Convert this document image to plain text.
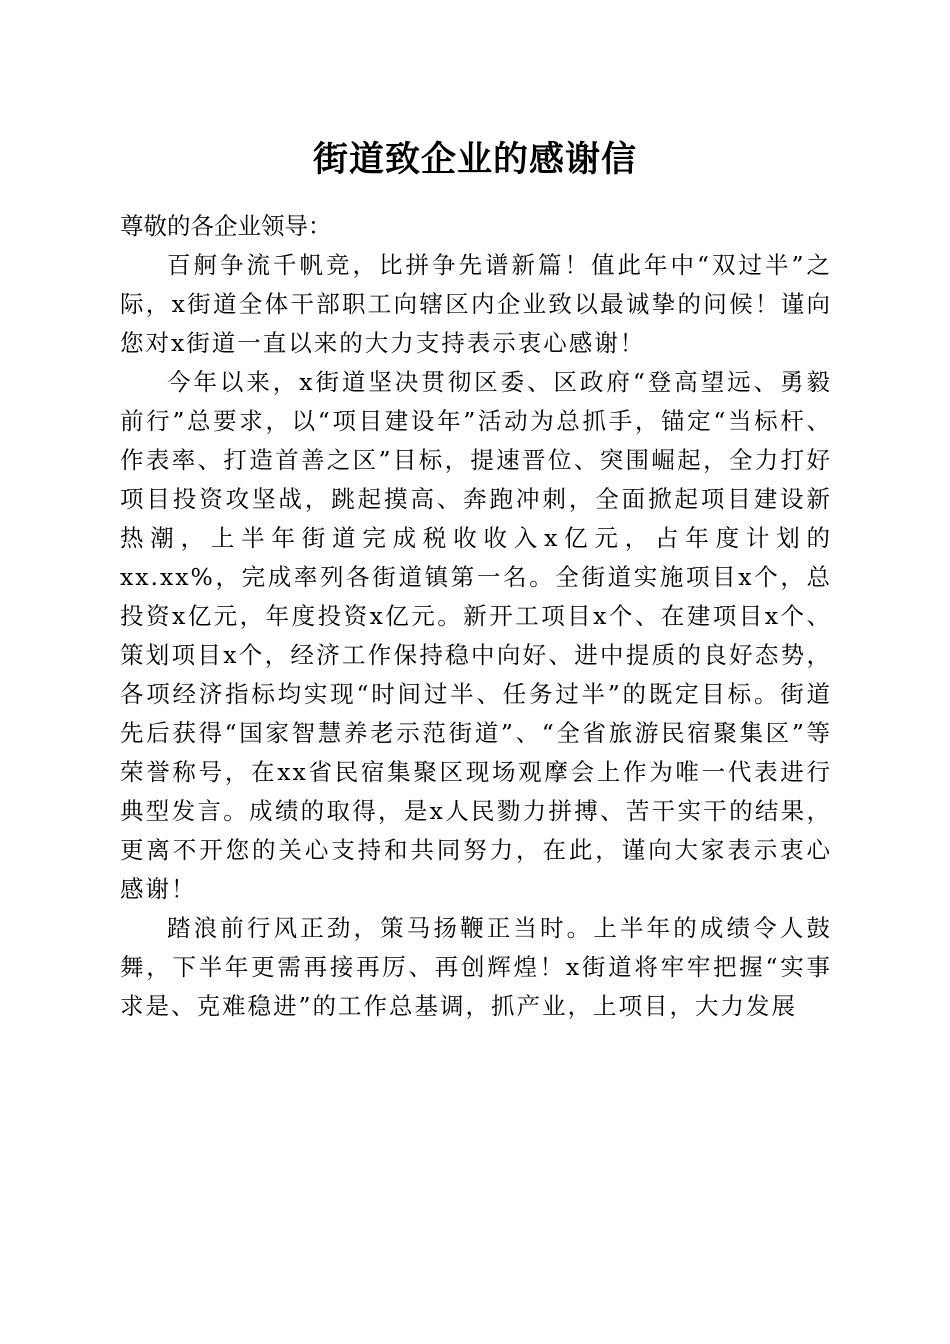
街道致企业的感谢信

尊敬的各企业领导：

百舸争流千帆竞，比拼争先谱新篇！值此年中“双过半”之际，x街道全体干部职工向辖区内企业致以最诚挚的问候！谨向您对x街道一直以来的大力支持表示衷心感谢！

今年以来，x街道坚决贯彻区委、区政府“登高望远、勇毅前行”总要求，以“项目建设年”活动为总抓手，锚定“当标杆、作表率、打造首善之区”目标，提速晋位、突围崛起，全力打好项目投资攻坚战，跳起摸高、奔跑冲刺，全面掀起项目建设新热潮，上半年街道完成税收收入x亿元，占年度计划的xx.xx%，完成率列各街道镇第一名。全街道实施项目x个，总投资x亿元，年度投资x亿元。新开工项目x个、在建项目x个、策划项目x个，经济工作保持稳中向好、进中提质的良好态势，各项经济指标均实现“时间过半、任务过半”的既定目标。街道先后获得“国家智慧养老示范街道”、“全省旅游民宿聚集区”等荣誉称号，在xx省民宿集聚区现场观摩会上作为唯一代表进行典型发言。成绩的取得，是x人民勠力拼搏、苦干实干的结果，更离不开您的关心支持和共同努力，在此，谨向大家表示衷心感谢！

踏浪前行风正劲，策马扬鞭正当时。上半年的成绩令人鼓舞，下半年更需再接再厉、再创辉煌！x街道将牢牢把握“实事求是、克难稳进”的工作总基调，抓产业，上项目，大力发展
